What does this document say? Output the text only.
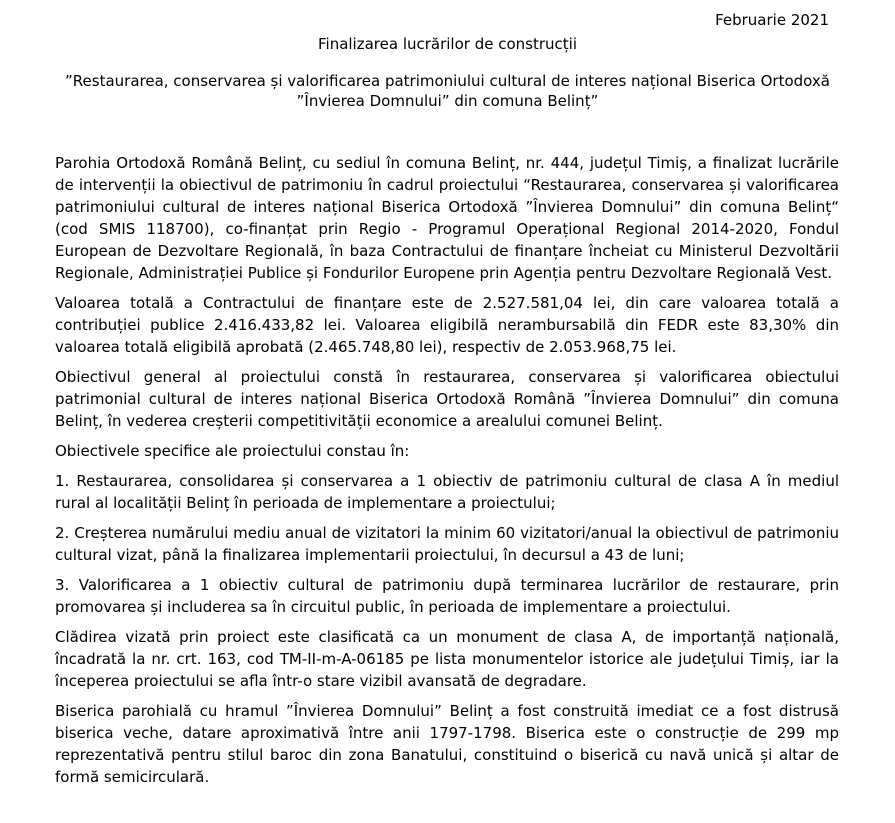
Februarie 2021
Finalizarea lucrărilor de construcții
”Restaurarea, conservarea și valorificarea patrimoniului cultural de interes național Biserica Ortodoxă ”Învierea Domnului” din comuna Belinț”

Parohia Ortodoxă Română Belinț, cu sediul în comuna Belinț, nr. 444, județul Timiș, a finalizat lucrările de intervenții la obiectivul de patrimoniu în cadrul proiectului “Restaurarea, conservarea și valorificarea patrimoniului cultural de interes național Biserica Ortodoxă ”Învierea Domnului” din comuna Belinț“ (cod SMIS 118700), co-finanțat prin Regio - Programul Operațional Regional 2014-2020, Fondul European de Dezvoltare Regională, în baza Contractului de finanțare încheiat cu Ministerul Dezvoltării Regionale, Administrației Publice și Fondurilor Europene prin Agenția pentru Dezvoltare Regională Vest.

Valoarea totală a Contractului de finanțare este de 2.527.581,04 lei, din care valoarea totală a contribuției publice 2.416.433,82 lei. Valoarea eligibilă nerambursabilă din FEDR este 83,30% din valoarea totală eligibilă aprobată (2.465.748,80 lei), respectiv de 2.053.968,75 lei.

Obiectivul general al proiectului constă în restaurarea, conservarea și valorificarea obiectului patrimonial cultural de interes național Biserica Ortodoxă Română ”Învierea Domnului” din comuna Belinț, în vederea creșterii competitivității economice a arealului comunei Belinț.

Obiectivele specifice ale proiectului constau în:

1. Restaurarea, consolidarea și conservarea a 1 obiectiv de patrimoniu cultural de clasa A în mediul rural al localității Belinț în perioada de implementare a proiectului;

2. Creșterea numărului mediu anual de vizitatori la minim 60 vizitatori/anual la obiectivul de patrimoniu cultural vizat, până la finalizarea implementarii proiectului, în decursul a 43 de luni;

3. Valorificarea a 1 obiectiv cultural de patrimoniu după terminarea lucrărilor de restaurare, prin promovarea și includerea sa în circuitul public, în perioada de implementare a proiectului.

Clădirea vizată prin proiect este clasificată ca un monument de clasa A, de importanță națională, încadrată la nr. crt. 163, cod TM-II-m-A-06185 pe lista monumentelor istorice ale județului Timiș, iar la începerea proiectului se afla într-o stare vizibil avansată de degradare.

Biserica parohială cu hramul ”Învierea Domnului” Belinț a fost construită imediat ce a fost distrusă biserica veche, datare aproximativă între anii 1797-1798. Biserica este o construcție de 299 mp reprezentativă pentru stilul baroc din zona Banatului, constituind o biserică cu navă unică și altar de formă semicirculară.
